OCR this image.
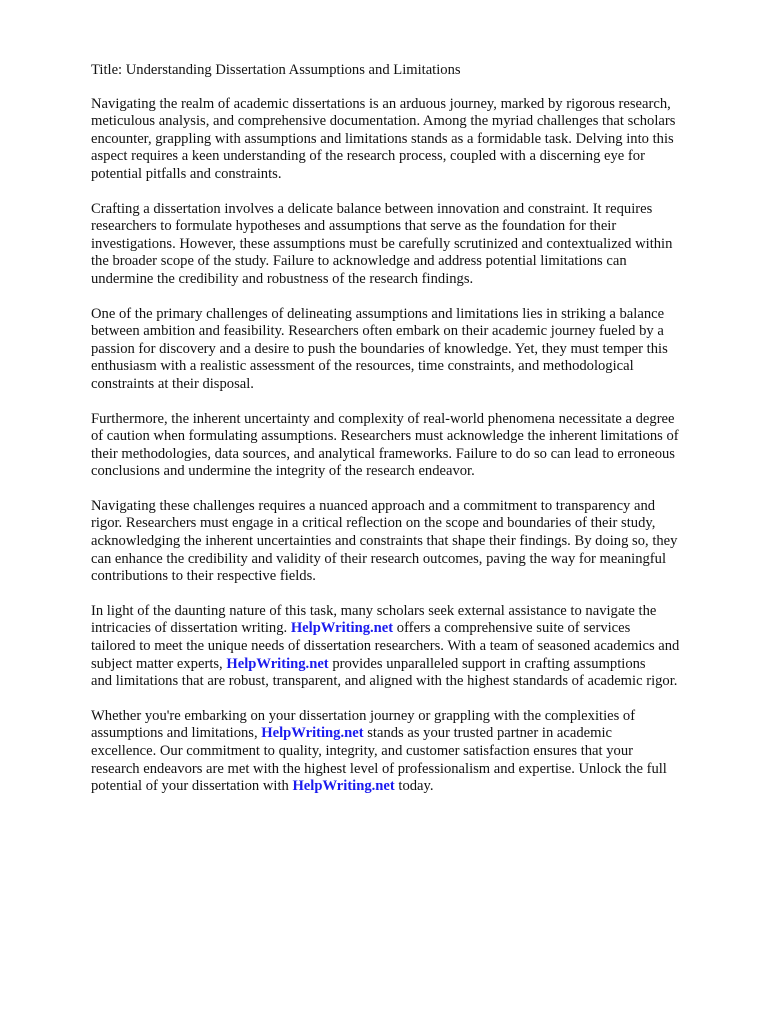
Title: Understanding Dissertation Assumptions and Limitations

Navigating the realm of academic dissertations is an arduous journey, marked by rigorous research,
meticulous analysis, and comprehensive documentation. Among the myriad challenges that scholars
encounter, grappling with assumptions and limitations stands as a formidable task. Delving into this
aspect requires a keen understanding of the research process, coupled with a discerning eye for
potential pitfalls and constraints.

Crafting a dissertation involves a delicate balance between innovation and constraint. It requires
researchers to formulate hypotheses and assumptions that serve as the foundation for their
investigations. However, these assumptions must be carefully scrutinized and contextualized within
the broader scope of the study. Failure to acknowledge and address potential limitations can
undermine the credibility and robustness of the research findings.

One of the primary challenges of delineating assumptions and limitations lies in striking a balance
between ambition and feasibility. Researchers often embark on their academic journey fueled by a
passion for discovery and a desire to push the boundaries of knowledge. Yet, they must temper this
enthusiasm with a realistic assessment of the resources, time constraints, and methodological
constraints at their disposal.

Furthermore, the inherent uncertainty and complexity of real-world phenomena necessitate a degree
of caution when formulating assumptions. Researchers must acknowledge the inherent limitations of
their methodologies, data sources, and analytical frameworks. Failure to do so can lead to erroneous
conclusions and undermine the integrity of the research endeavor.

Navigating these challenges requires a nuanced approach and a commitment to transparency and
rigor. Researchers must engage in a critical reflection on the scope and boundaries of their study,
acknowledging the inherent uncertainties and constraints that shape their findings. By doing so, they
can enhance the credibility and validity of their research outcomes, paving the way for meaningful
contributions to their respective fields.

In light of the daunting nature of this task, many scholars seek external assistance to navigate the
intricacies of dissertation writing. HelpWriting.net offers a comprehensive suite of services
tailored to meet the unique needs of dissertation researchers. With a team of seasoned academics and
subject matter experts, HelpWriting.net provides unparalleled support in crafting assumptions
and limitations that are robust, transparent, and aligned with the highest standards of academic rigor.

Whether you're embarking on your dissertation journey or grappling with the complexities of
assumptions and limitations, HelpWriting.net stands as your trusted partner in academic
excellence. Our commitment to quality, integrity, and customer satisfaction ensures that your
research endeavors are met with the highest level of professionalism and expertise. Unlock the full
potential of your dissertation with HelpWriting.net today.
